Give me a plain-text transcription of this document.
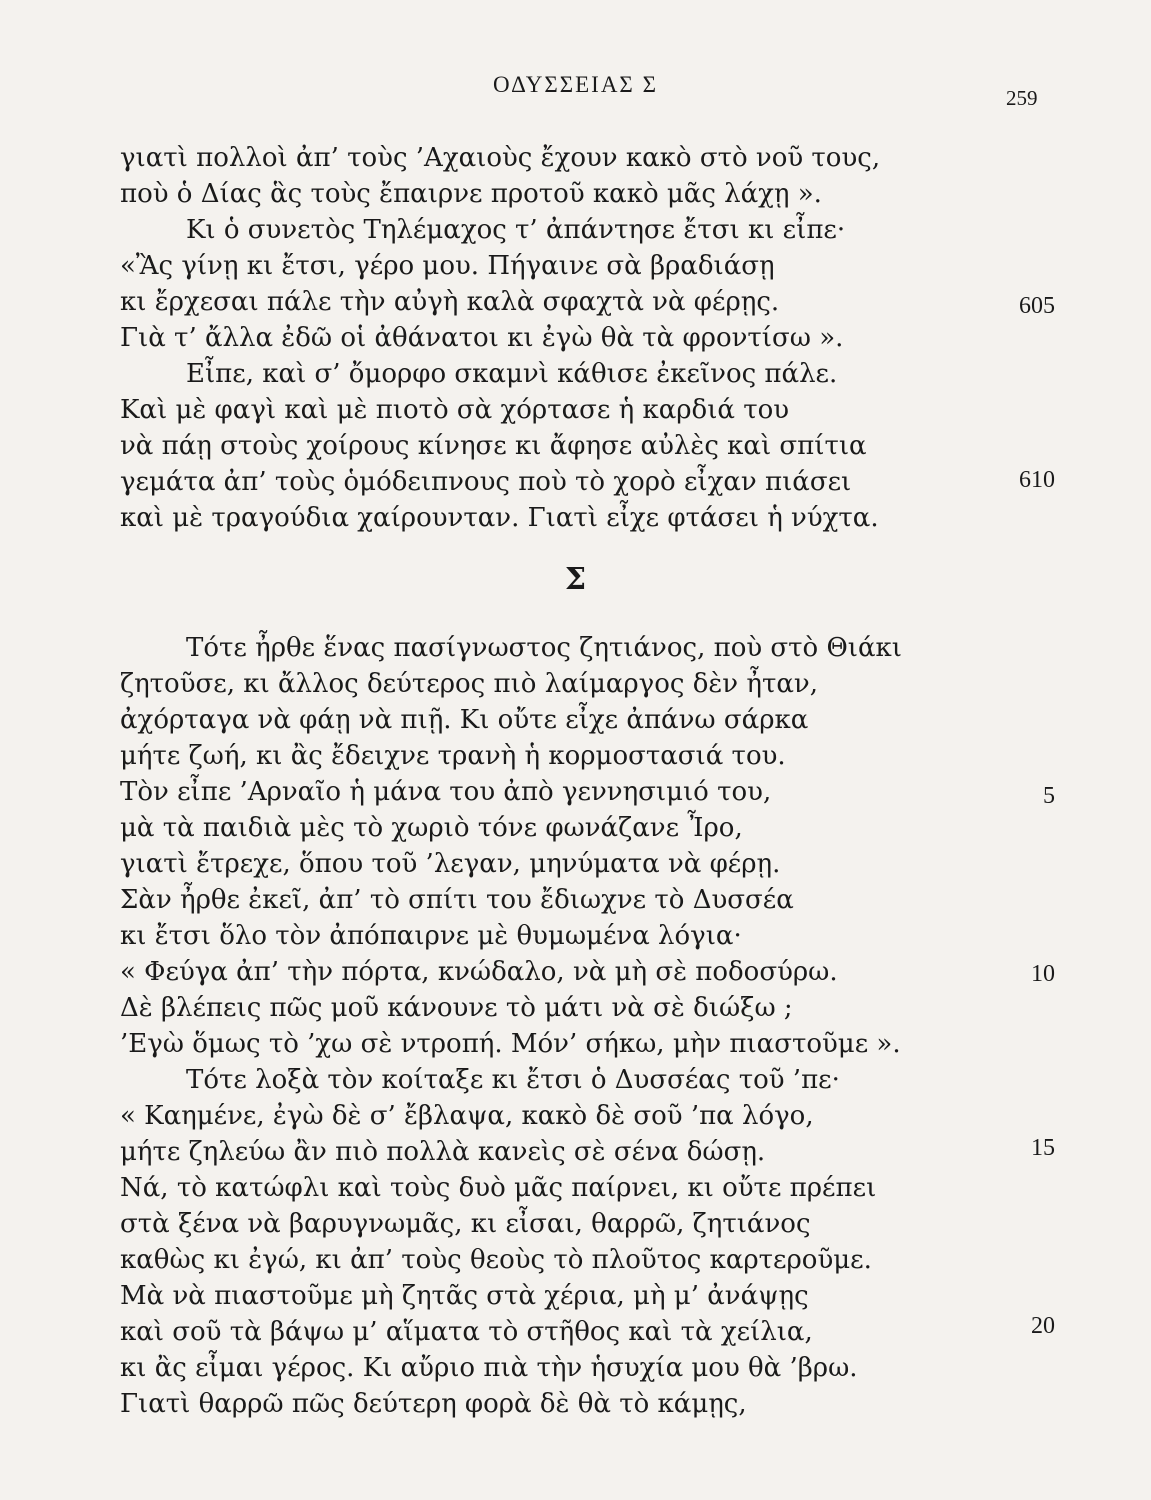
ΟΔΥΣΣΕΙΑΣ Σ
259
γιατὶ πολλοὶ ἀπ’ τοὺς ’Αχαιοὺς ἔχουν κακὸ στὸ νοῦ τους,
ποὺ ὁ Δίας ἃς τοὺς ἔπαιρνε προτοῦ κακὸ μᾶς λάχῃ ».
Κι ὁ συνετὸς Τηλέμαχος τ’ ἀπάντησε ἔτσι κι εἶπε·
«Ἂς γίνῃ κι ἔτσι, γέρο μου. Πήγαινε σὰ βραδιάσῃ
κι ἔρχεσαι πάλε τὴν αὐγὴ καλὰ σφαχτὰ νὰ φέρῃς.
Γιὰ τ’ ἄλλα ἐδῶ οἱ ἀθάνατοι κι ἐγὼ θὰ τὰ φροντίσω ».
Εἶπε, καὶ σ’ ὄμορφο σκαμνὶ κάθισε ἐκεῖνος πάλε.
Καὶ μὲ φαγὶ καὶ μὲ πιοτὸ σὰ χόρτασε ἡ καρδιά του
νὰ πάῃ στοὺς χοίρους κίνησε κι ἄφησε αὐλὲς καὶ σπίτια
γεμάτα ἀπ’ τοὺς ὁμόδειπνους ποὺ τὸ χορὸ εἶχαν πιάσει
καὶ μὲ τραγούδια χαίρουνταν. Γιατὶ εἶχε φτάσει ἡ νύχτα.
605
610
Σ
Τότε ἦρθε ἕνας πασίγνωστος ζητιάνος, ποὺ στὸ Θιάκι
ζητοῦσε, κι ἄλλος δεύτερος πιὸ λαίμαργος δὲν ἦταν,
ἀχόρταγα νὰ φάῃ νὰ πιῇ. Κι οὔτε εἶχε ἀπάνω σάρκα
μήτε ζωή, κι ἂς ἔδειχνε τρανὴ ἡ κορμοστασιά του.
Τὸν εἶπε ’Αρναῖο ἡ μάνα του ἀπὸ γεννησιμιό του,
μὰ τὰ παιδιὰ μὲς τὸ χωριὸ τόνε φωνάζανε Ἶρο,
γιατὶ ἔτρεχε, ὅπου τοῦ ’λεγαν, μηνύματα νὰ φέρῃ.
Σὰν ἦρθε ἐκεῖ, ἀπ’ τὸ σπίτι του ἔδιωχνε τὸ Δυσσέα
κι ἔτσι ὅλο τὸν ἀπόπαιρνε μὲ θυμωμένα λόγια·
« Φεύγα ἀπ’ τὴν πόρτα, κνώδαλο, νὰ μὴ σὲ ποδοσύρω.
Δὲ βλέπεις πῶς μοῦ κάνουνε τὸ μάτι νὰ σὲ διώξω ;
’Εγὼ ὅμως τὸ ’χω σὲ ντροπή. Μόν’ σήκω, μὴν πιαστοῦμε ».
Τότε λοξὰ τὸν κοίταξε κι ἔτσι ὁ Δυσσέας τοῦ ’πε·
« Καημένε, ἐγὼ δὲ σ’ ἔβλαψα, κακὸ δὲ σοῦ ’πα λόγο,
μήτε ζηλεύω ἂν πιὸ πολλὰ κανεὶς σὲ σένα δώσῃ.
Νά, τὸ κατώφλι καὶ τοὺς δυὸ μᾶς παίρνει, κι οὔτε πρέπει
στὰ ξένα νὰ βαρυγνωμᾶς, κι εἶσαι, θαρρῶ, ζητιάνος
καθὼς κι ἐγώ, κι ἀπ’ τοὺς θεοὺς τὸ πλοῦτος καρτεροῦμε.
Μὰ νὰ πιαστοῦμε μὴ ζητᾶς στὰ χέρια, μὴ μ’ ἀνάψῃς
καὶ σοῦ τὰ βάψω μ’ αἵματα τὸ στῆθος καὶ τὰ χείλια,
κι ἂς εἶμαι γέρος. Κι αὔριο πιὰ τὴν ἡσυχία μου θὰ ’βρω.
Γιατὶ θαρρῶ πῶς δεύτερη φορὰ δὲ θὰ τὸ κάμῃς,
5
10
15
20
